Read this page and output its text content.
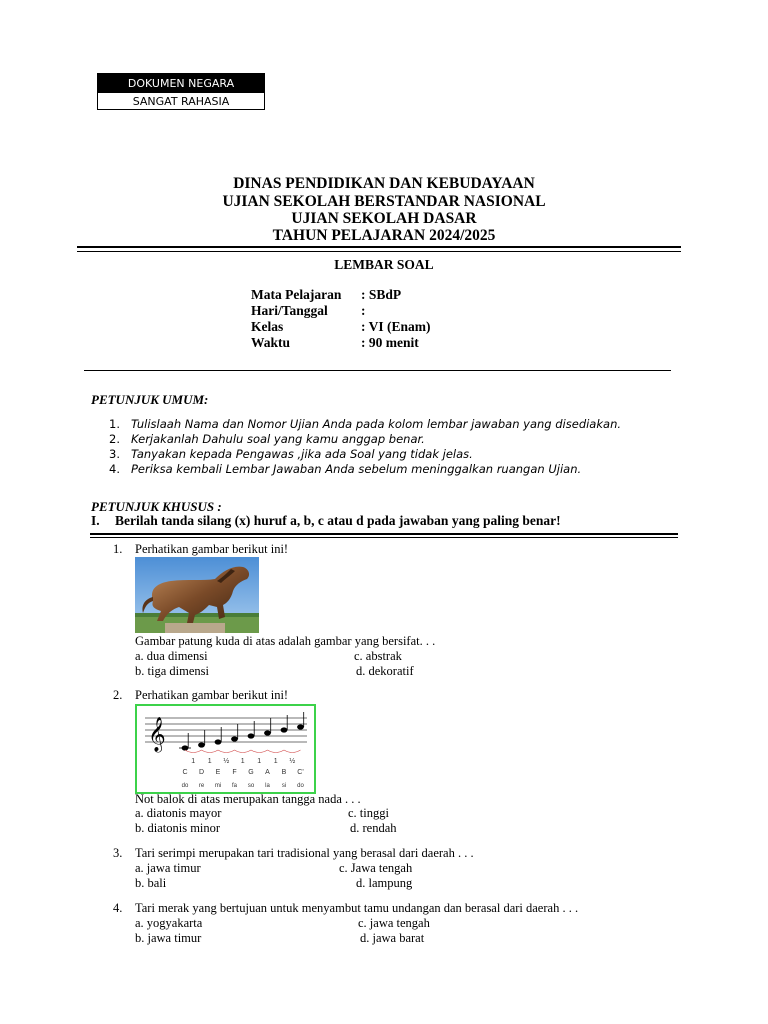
DOKUMEN NEGARA
SANGAT RAHASIA
DINAS PENDIDIKAN DAN KEBUDAYAAN
UJIAN SEKOLAH BERSTANDAR NASIONAL
UJIAN SEKOLAH DASAR
TAHUN PELAJARAN 2024/2025
LEMBAR SOAL
Mata Pelajaran : SBdP
Hari/Tanggal :
Kelas	: VI (Enam)
Waktu	: 90 menit
PETUNJUK UMUM:
1. Tulislaah Nama dan Nomor Ujian Anda pada kolom lembar jawaban yang disediakan.
2. Kerjakanlah Dahulu soal yang kamu anggap benar.
3. Tanyakan kepada Pengawas ,jika ada Soal yang tidak jelas.
4. Periksa kembali Lembar Jawaban Anda sebelum meninggalkan ruangan Ujian.
PETUNJUK KHUSUS :
I. Berilah tanda silang (x) huruf a, b, c atau d pada jawaban yang paling benar!
1. Perhatikan gambar berikut ini!
Gambar patung kuda di atas adalah gambar yang bersifat. . .
a. dua dimensi	c. abstrak
b. tiga dimensi	d. dekoratif
2. Perhatikan gambar berikut ini!
𝄞
1 1 ½ 1 1 1 ½
C D E F G A B C'
do re mi fa so la si do
Not balok di atas merupakan tangga nada . . .
a. diatonis mayor	c. tinggi
b. diatonis minor	d. rendah
3. Tari serimpi merupakan tari tradisional yang berasal dari daerah . . .
a. jawa timur	c. Jawa tengah
b. bali	d. lampung
4. Tari merak yang bertujuan untuk menyambut tamu undangan dan berasal dari daerah . . .
a. yogyakarta	c. jawa tengah
b. jawa timur	d. jawa barat
